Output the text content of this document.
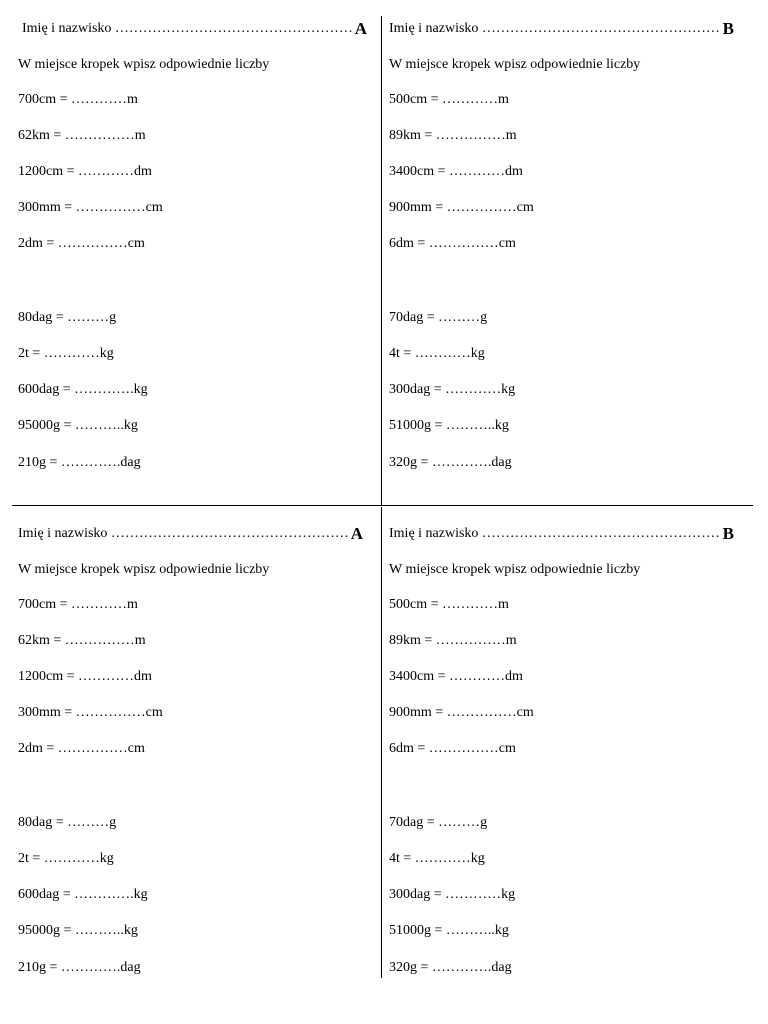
Imię i nazwisko …………………………………………… A
W miejsce kropek wpisz odpowiednie liczby
700cm = …………m
62km = ……………m
1200cm = …………dm
300mm = ……………cm
2dm = ……………cm
80dag = ………g
2t = …………kg
600dag = ………….kg
95000g = ………..kg
210g = ………….dag
Imię i nazwisko …………………………………………… B
W miejsce kropek wpisz odpowiednie liczby
500cm = …………m
89km = ……………m
3400cm = …………dm
900mm = ……………cm
6dm = ……………cm
70dag = ………g
4t = …………kg
300dag = …………kg
51000g = ………..kg
320g = ………….dag
Imię i nazwisko …………………………………………… A
W miejsce kropek wpisz odpowiednie liczby
700cm = …………m
62km = ……………m
1200cm = …………dm
300mm = ……………cm
2dm = ……………cm
80dag = ………g
2t = …………kg
600dag = ………….kg
95000g = ………..kg
210g = ………….dag
Imię i nazwisko …………………………………………… B
W miejsce kropek wpisz odpowiednie liczby
500cm = …………m
89km = ……………m
3400cm = …………dm
900mm = ……………cm
6dm = ……………cm
70dag = ………g
4t = …………kg
300dag = …………kg
51000g = ………..kg
320g = ………….dag
